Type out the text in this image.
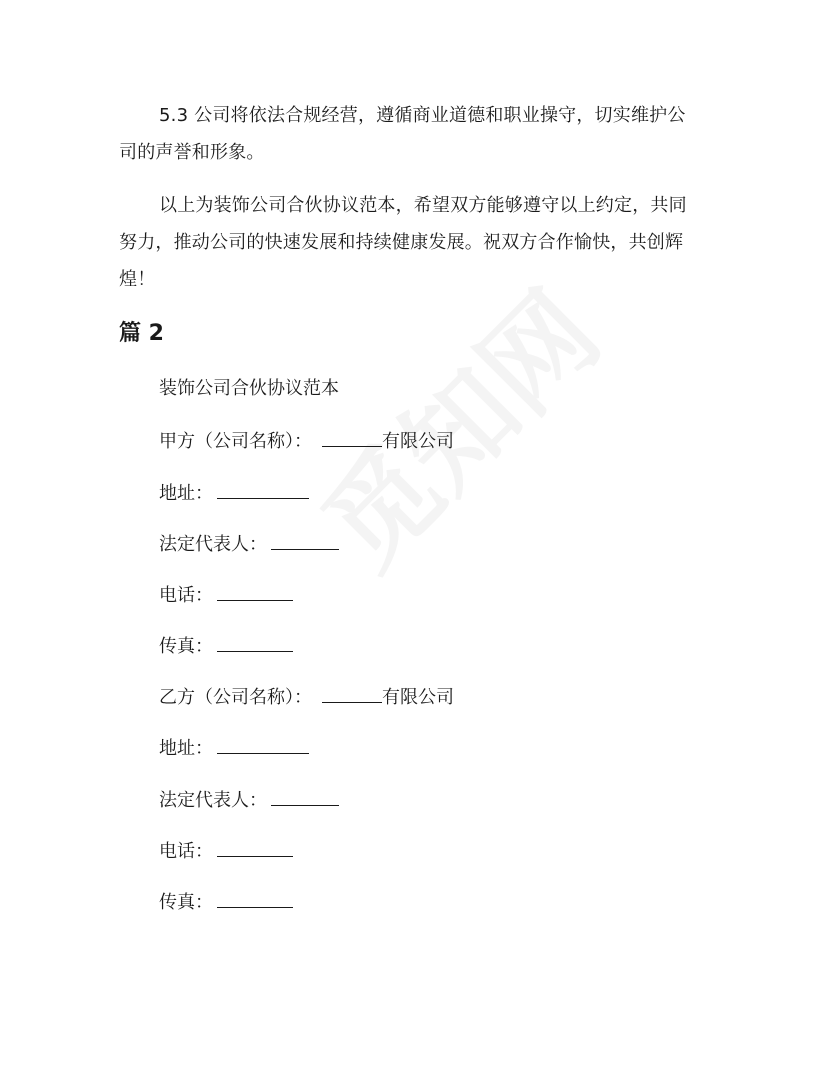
5.3 公司将依法合规经营，遵循商业道德和职业操守，切实维护公司的声誉和形象。

以上为装饰公司合伙协议范本，希望双方能够遵守以上约定，共同努力，推动公司的快速发展和持续健康发展。祝双方合作愉快，共创辉煌！

篇 2

装饰公司合伙协议范本

甲方（公司名称）：	有限公司

地址：

法定代表人：

电话：

传真：

乙方（公司名称）：	有限公司

地址：

法定代表人：

电话：

传真：
